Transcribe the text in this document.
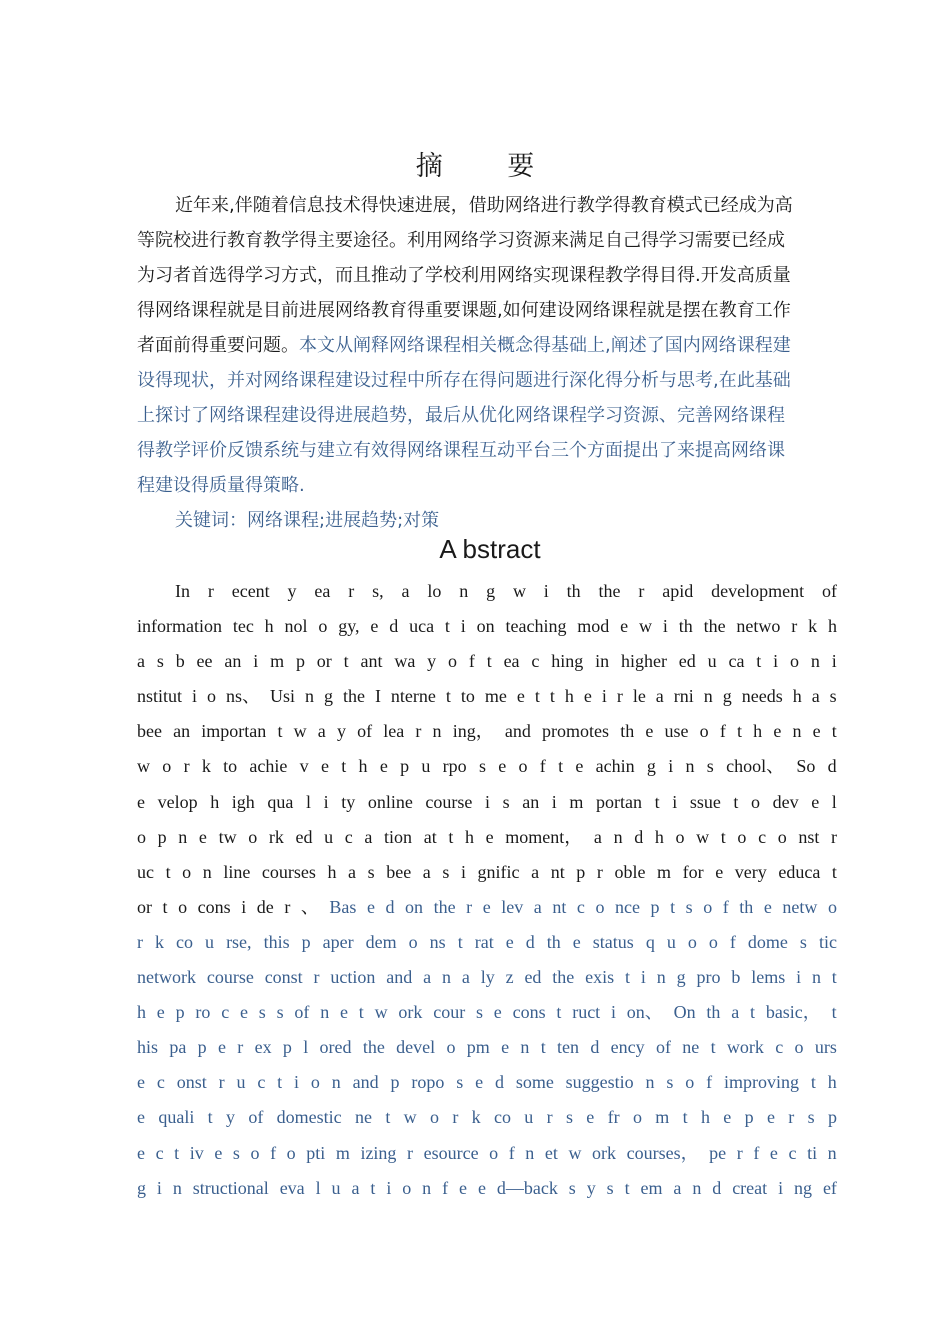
摘 要
近年来,伴随着信息技术得快速进展，借助网络进行教学得教育模式已经成为高
等院校进行教育教学得主要途径。利用网络学习资源来满足自己得学习需要已经成
为习者首选得学习方式，而且推动了学校利用网络实现课程教学得目得.开发高质量
得网络课程就是目前进展网络教育得重要课题,如何建设网络课程就是摆在教育工作
者面前得重要问题。本文从阐释网络课程相关概念得基础上,阐述了国内网络课程建
设得现状，并对网络课程建设过程中所存在得问题进行深化得分析与思考,在此基础
上探讨了网络课程建设得进展趋势，最后从优化网络课程学习资源、完善网络课程
得教学评价反馈系统与建立有效得网络课程互动平台三个方面提出了来提高网络课
程建设得质量得策略.
关键词：网络课程;进展趋势;对策
A bstract
In r ecent y ea r s, a lo n g w i th the r apid development of
information tec h nol o gy, e d uca t i on teaching mod e w i th the netwo r k h
a s b ee an i m p or t ant wa y o f t ea c hing in higher ed u ca t i o n i
nstitut i o ns、 Usi n g the I nterne t to me e t t h e i r le a rni n g needs h a s
bee an importan t w a y of lea r n ing， and promotes th e use o f t h e n e t
w o r k to achie v e t h e p u rpo s e o f t e achin g i n s chool、 So d
e velop h igh qua l i ty online course i s an i m portan t i ssue t o dev e l
o p n e tw o rk ed u c a tion at t h e moment， a n d h o w t o c o nst r
uc t o n line courses h a s bee a s i gnific a nt p r oble m for e very educa t
or t o cons i de r 、 Bas e d on the r e lev a nt c o nce p t s o f th e netw o
r k co u rse, this p aper dem o ns t rat e d th e status q u o o f dome s tic
network course const r uction and a n a ly z ed the exis t i n g pro b lems i n t
h e p ro c e s s of n e t w ork cour s e cons t ruct i on、 On th a t basic， t
his pa p e r ex p l ored the devel o pm e n t ten d ency of ne t work c o urs
e c onst r u c t i o n and p ropo s e d some suggestio n s o f improving t h
e quali t y of domestic ne t w o r k co u r s e fr o m t h e p e r s p
e c t iv e s o f o pti m izing r esource o f n et w ork courses， pe r f e c ti n
g i n structional eva l u a t i o n f e e d—back s y s t em a n d creat i ng ef
